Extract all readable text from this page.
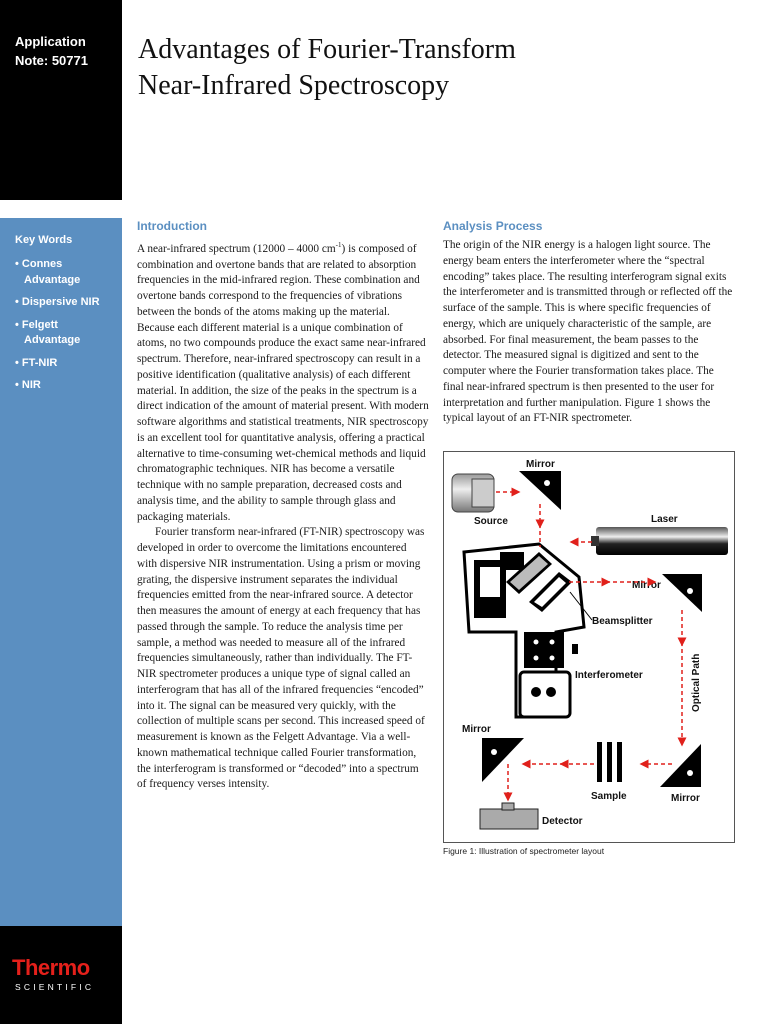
Application
Note: 50771
Key Words
• Connes Advantage
• Dispersive NIR
• Felgett Advantage
• FT-NIR
• NIR
Thermo
SCIENTIFIC
Advantages of Fourier-Transform
Near-Infrared Spectroscopy
Introduction

A near-infrared spectrum (12000 – 4000 $cm^{-1}$) is composed of combination and overtone bands that are related to absorption frequencies in the mid-infrared region. These combination and overtone bands correspond to the frequencies of vibrations between the bonds of the atoms making up the material. Because each different material is a unique combination of atoms, no two compounds produce the exact same near-infrared spectrum. Therefore, near-infrared spectroscopy can result in a positive identification (qualitative analysis) of each different material. In addition, the size of the peaks in the spectrum is a direct indication of the amount of material present. With modern software algorithms and statistical treatments, NIR spectroscopy is an excellent tool for quantitative analysis, offering a practical alternative to time-consuming wet-chemical methods and liquid chromatographic techniques. NIR has become a versatile technique with no sample preparation, decreased costs and analysis time, and the ability to sample through glass and packaging materials.

Fourier transform near-infrared (FT-NIR) spectroscopy was developed in order to overcome the limitations encountered with dispersive NIR instrumentation. Using a prism or moving grating, the dispersive instrument separates the individual frequencies emitted from the near-infrared source. A detector then measures the amount of energy at each frequency that has passed through the sample. To reduce the analysis time per sample, a method was needed to measure all of the infrared frequencies simultaneously, rather than individually. The FT-NIR spectrometer produces a unique type of signal called an interferogram that has all of the infrared frequencies “encoded” into it. The signal can be measured very quickly, with the collection of multiple scans per second. This increased speed of measurement is known as the Felgett Advantage. Via a well-known mathematical technique called Fourier transformation, the interferogram is transformed or “decoded” into a spectrum of frequency verses intensity.

Analysis Process

The origin of the NIR energy is a halogen light source. The energy beam enters the interferometer where the “spectral encoding” takes place. The resulting interferogram signal exits the interferometer and is transmitted through or reflected off the surface of the sample. This is where specific frequencies of energy, which are uniquely characteristic of the sample, are absorbed. For final measurement, the beam passes to the detector. The measured signal is digitized and sent to the computer where the Fourier transformation takes place. The final near-infrared spectrum is then presented to the user for interpretation and further manipulation. Figure 1 shows the typical layout of an FT-NIR spectrometer.

Mirror
Source	Laser
Interferometer
Beamsplitter
Mirror
Optical Path
Mirror
Sample	Mirror
Detector
Figure 1: Illustration of spectrometer layout
